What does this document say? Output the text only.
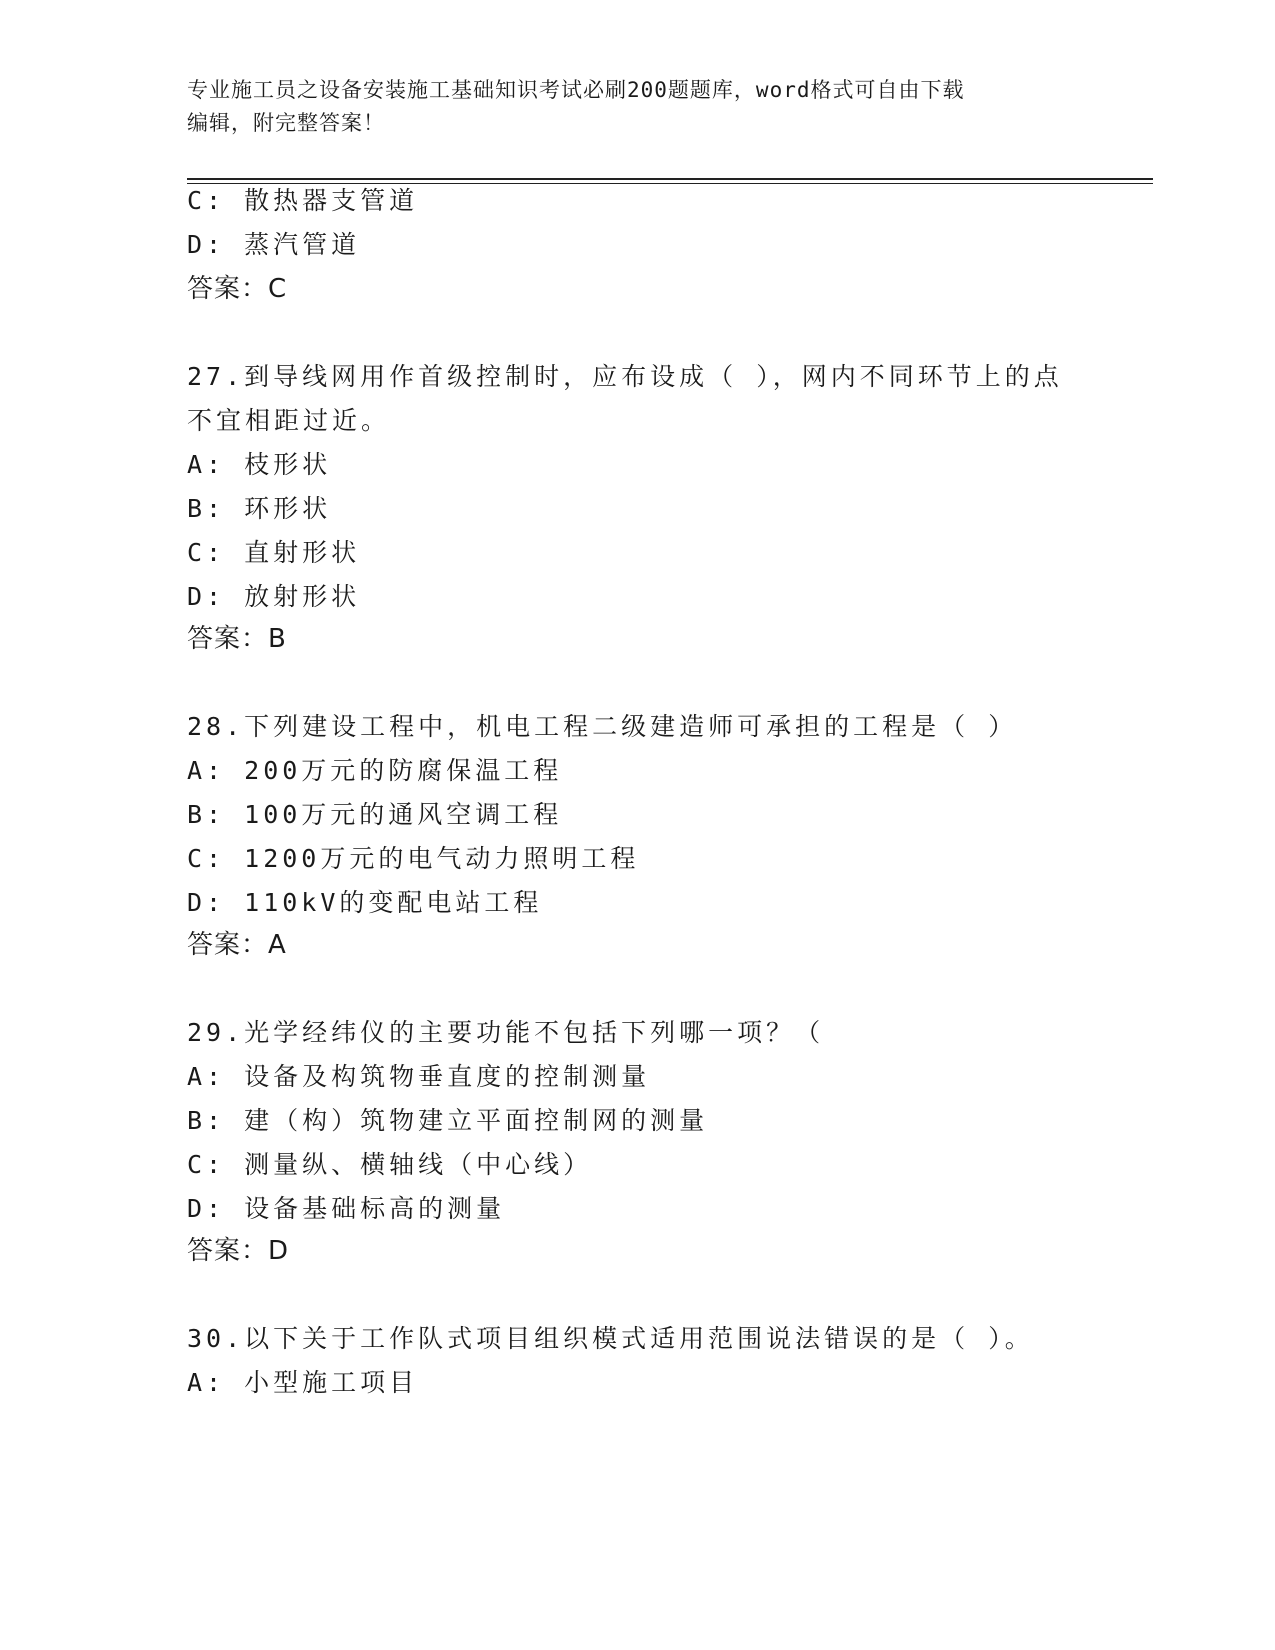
专业施工员之设备安装施工基础知识考试必刷200题题库，word格式可自由下载
编辑，附完整答案！
C: 散热器支管道
D: 蒸汽管道
答案：C
27.到导线网用作首级控制时，应布设成（ ），网内不同环节上的点
不宜相距过近。
A: 枝形状
B: 环形状
C: 直射形状
D: 放射形状
答案：B
28.下列建设工程中，机电工程二级建造师可承担的工程是（ ）
A: 200万元的防腐保温工程
B: 100万元的通风空调工程
C: 1200万元的电气动力照明工程
D: 110kV的变配电站工程
答案：A
29.光学经纬仪的主要功能不包括下列哪一项？（
A: 设备及构筑物垂直度的控制测量
B: 建（构）筑物建立平面控制网的测量
C: 测量纵、横轴线（中心线）
D: 设备基础标高的测量
答案：D
30.以下关于工作队式项目组织模式适用范围说法错误的是（ ）。
A: 小型施工项目
